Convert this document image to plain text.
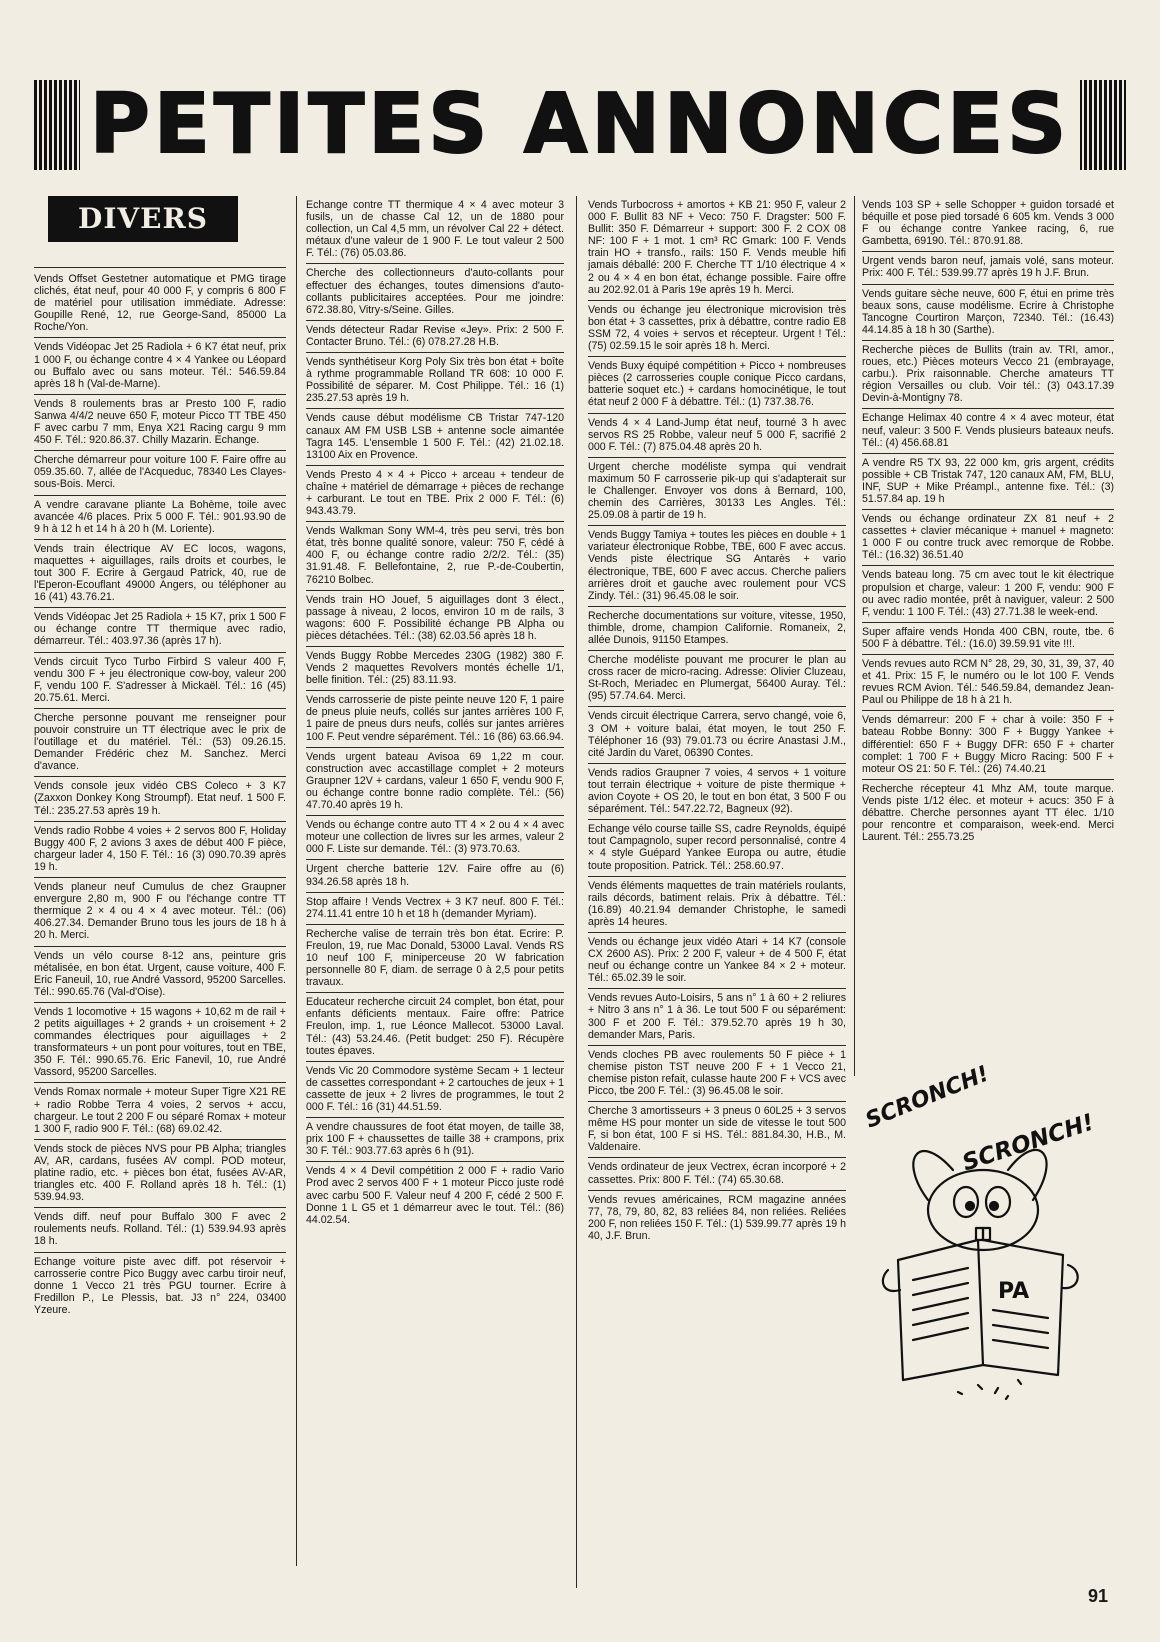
PETITES ANNONCES
DIVERS
Vends Offset Gestetner automatique et PMG tirage clichés, état neuf, pour 40 000 F, y compris 6 800 F de matériel pour utilisation immédiate. Adresse: Goupille René, 12, rue George-Sand, 85000 La Roche/Yon.
Vends Vidéopac Jet 25 Radiola + 6 K7 état neuf, prix 1 000 F, ou échange contre 4 × 4 Yankee ou Léopard ou Buffalo avec ou sans moteur. Tél.: 546.59.84 après 18 h (Val-de-Marne).
Vends 8 roulements bras ar Presto 100 F, radio Sanwa 4/4/2 neuve 650 F, moteur Picco TT TBE 450 F avec carbu 7 mm, Enya X21 Racing cargu 9 mm 450 F. Tél.: 920.86.37. Chilly Mazarin. Echange.
Cherche démarreur pour voiture 100 F. Faire offre au 059.35.60. 7, allée de l'Acqueduc, 78340 Les Clayes-sous-Bois. Merci.
A vendre caravane pliante La Bohème, toile avec avancée 4/6 places. Prix 5 000 F. Tél.: 901.93.90 de 9 h à 12 h et 14 h à 20 h (M. Loriente).
Vends train électrique AV EC locos, wagons, maquettes + aiguillages, rails droits et courbes, le tout 300 F. Ecrire à Gergaud Patrick, 40, rue de l'Eperon-Ecouflant 49000 Angers, ou téléphoner au 16 (41) 43.76.21.
Vends Vidéopac Jet 25 Radiola + 15 K7, prix 1 500 F ou échange contre TT thermique avec radio, démarreur. Tél.: 403.97.36 (après 17 h).
Vends circuit Tyco Turbo Firbird S valeur 400 F, vendu 300 F + jeu électronique cow-boy, valeur 200 F, vendu 100 F. S'adresser à Mickaël. Tél.: 16 (45) 20.75.61. Merci.
Cherche personne pouvant me renseigner pour pouvoir construire un TT électrique avec le prix de l'outillage et du matériel. Tél.: (53) 09.26.15. Demander Frédéric chez M. Sanchez. Merci d'avance.
Vends console jeux vidéo CBS Coleco + 3 K7 (Zaxxon Donkey Kong Stroumpf). Etat neuf. 1 500 F. Tél.: 235.27.53 après 19 h.
Vends radio Robbe 4 voies + 2 servos 800 F, Holiday Buggy 400 F, 2 avions 3 axes de début 400 F pièce, chargeur lader 4, 150 F. Tél.: 16 (3) 090.70.39 après 19 h.
Vends planeur neuf Cumulus de chez Graupner envergure 2,80 m, 900 F ou l'échange contre TT thermique 2 × 4 ou 4 × 4 avec moteur. Tél.: (06) 406.27.34. Demander Bruno tous les jours de 18 h à 20 h. Merci.
Vends un vélo course 8-12 ans, peinture gris métalisée, en bon état. Urgent, cause voiture, 400 F. Eric Faneuil, 10, rue André Vassord, 95200 Sarcelles. Tél.: 990.65.76 (Val-d'Oise).
Vends 1 locomotive + 15 wagons + 10,62 m de rail + 2 petits aiguillages + 2 grands + un croisement + 2 commandes électriques pour aiguillages + 2 transformateurs + un pont pour voitures, tout en TBE, 350 F. Tél.: 990.65.76. Eric Fanevil, 10, rue André Vassord, 95200 Sarcelles.
Vends Romax normale + moteur Super Tigre X21 RE + radio Robbe Terra 4 voies, 2 servos + accu, chargeur. Le tout 2 200 F ou séparé Romax + moteur 1 300 F, radio 900 F. Tél.: (68) 69.02.42.
Vends stock de pièces NVS pour PB Alpha; triangles AV, AR, cardans, fusées AV compl. POD moteur, platine radio, etc. + pièces bon état, fusées AV-AR, triangles etc. 400 F. Rolland après 18 h. Tél.: (1) 539.94.93.
Vends diff. neuf pour Buffalo 300 F avec 2 roulements neufs. Rolland. Tél.: (1) 539.94.93 après 18 h.
Echange voiture piste avec diff. pot réservoir + carrosserie contre Pico Buggy avec carbu tiroir neuf, donne 1 Vecco 21 très PGU tourner. Ecrire à Fredillon P., Le Plessis, bat. J3 n° 224, 03400 Yzeure.
Echange contre TT thermique 4 × 4 avec moteur 3 fusils, un de chasse Cal 12, un de 1880 pour collection, un Cal 4,5 mm, un révolver Cal 22 + détect. métaux d'une valeur de 1 900 F. Le tout valeur 2 500 F. Tél.: (76) 05.03.86.
Cherche des collectionneurs d'auto-collants pour effectuer des échanges, toutes dimensions d'auto-collants publicitaires acceptées. Pour me joindre: 672.38.80, Vitry-s/Seine. Gilles.
Vends détecteur Radar Revise «Jey». Prix: 2 500 F. Contacter Bruno. Tél.: (6) 078.27.28 H.B.
Vends synthétiseur Korg Poly Six très bon état + boîte à rythme programmable Rolland TR 608: 10 000 F. Possibilité de séparer. M. Cost Philippe. Tél.: 16 (1) 235.27.53 après 19 h.
Vends cause début modélisme CB Tristar 747-120 canaux AM FM USB LSB + antenne socle aimantée Tagra 145. L'ensemble 1 500 F. Tél.: (42) 21.02.18. 13100 Aix en Provence.
Vends Presto 4 × 4 + Picco + arceau + tendeur de chaîne + matériel de démarrage + pièces de rechange + carburant. Le tout en TBE. Prix 2 000 F. Tél.: (6) 943.43.79.
Vends Walkman Sony WM-4, très peu servi, très bon état, très bonne qualité sonore, valeur: 750 F, cédé à 400 F, ou échange contre radio 2/2/2. Tél.: (35) 31.91.48. F. Bellefontaine, 2, rue P.-de-Coubertin, 76210 Bolbec.
Vends train HO Jouef, 5 aiguillages dont 3 élect., passage à niveau, 2 locos, environ 10 m de rails, 3 wagons: 600 F. Possibilité échange PB Alpha ou pièces détachées. Tél.: (38) 62.03.56 après 18 h.
Vends Buggy Robbe Mercedes 230G (1982) 380 F. Vends 2 maquettes Revolvers montés échelle 1/1, belle finition. Tél.: (25) 83.11.93.
Vends carrosserie de piste peinte neuve 120 F, 1 paire de pneus pluie neufs, collés sur jantes arrières 100 F, 1 paire de pneus durs neufs, collés sur jantes arrières 100 F. Peut vendre séparément. Tél.: 16 (86) 63.66.94.
Vends urgent bateau Avisoa 69 1,22 m cour. construction avec accastillage complet + 2 moteurs Graupner 12V + cardans, valeur 1 650 F, vendu 900 F, ou échange contre bonne radio complète. Tél.: (56) 47.70.40 après 19 h.
Vends ou échange contre auto TT 4 × 2 ou 4 × 4 avec moteur une collection de livres sur les armes, valeur 2 000 F. Liste sur demande. Tél.: (3) 973.70.63.
Urgent cherche batterie 12V. Faire offre au (6) 934.26.58 après 18 h.
Stop affaire ! Vends Vectrex + 3 K7 neuf. 800 F. Tél.: 274.11.41 entre 10 h et 18 h (demander Myriam).
Recherche valise de terrain très bon état. Ecrire: P. Freulon, 19, rue Mac Donald, 53000 Laval. Vends RS 10 neuf 100 F, miniperceuse 20 W fabrication personnelle 80 F, diam. de serrage 0 à 2,5 pour petits travaux.
Educateur recherche circuit 24 complet, bon état, pour enfants déficients mentaux. Faire offre: Patrice Freulon, imp. 1, rue Léonce Mallecot. 53000 Laval. Tél.: (43) 53.24.46. (Petit budget: 250 F). Récupère toutes épaves.
Vends Vic 20 Commodore système Secam + 1 lecteur de cassettes correspondant + 2 cartouches de jeux + 1 cassette de jeux + 2 livres de programmes, le tout 2 000 F. Tél.: 16 (31) 44.51.59.
A vendre chaussures de foot état moyen, de taille 38, prix 100 F + chaussettes de taille 38 + crampons, prix 30 F. Tél.: 903.77.63 après 6 h (91).
Vends 4 × 4 Devil compétition 2 000 F + radio Vario Prod avec 2 servos 400 F + 1 moteur Picco juste rodé avec carbu 500 F. Valeur neuf 4 200 F, cédé 2 500 F. Donne 1 L G5 et 1 démarreur avec le tout. Tél.: (86) 44.02.54.
Vends Turbocross + amortos + KB 21: 950 F, valeur 2 000 F. Bullit 83 NF + Veco: 750 F. Dragster: 500 F. Bullit: 350 F. Démarreur + support: 300 F. 2 COX 08 NF: 100 F + 1 mot. 1 cm³ RC Gmark: 100 F. Vends train HO + transfo., rails: 150 F. Vends meuble hifi jamais déballé: 200 F. Cherche TT 1/10 électrique 4 × 2 ou 4 × 4 en bon état, échange possible. Faire offre au 202.92.01 à Paris 19e après 19 h. Merci.
Vends ou échange jeu électronique microvision très bon état + 3 cassettes, prix à débattre, contre radio E8 SSM 72, 4 voies + servos et récepteur. Urgent ! Tél.: (75) 02.59.15 le soir après 18 h. Merci.
Vends Buxy équipé compétition + Picco + nombreuses pièces (2 carrosseries couple conique Picco cardans, batterie soquet etc.) + cardans homocinétique, le tout état neuf 2 000 F à débattre. Tél.: (1) 737.38.76.
Vends 4 × 4 Land-Jump état neuf, tourné 3 h avec servos RS 25 Robbe, valeur neuf 5 000 F, sacrifié 2 000 F. Tél.: (7) 875.04.48 après 20 h.
Urgent cherche modéliste sympa qui vendrait maximum 50 F carrosserie pik-up qui s'adapterait sur le Challenger. Envoyer vos dons à Bernard, 100, chemin des Carrières, 30133 Les Angles. Tél.: 25.09.08 à partir de 19 h.
Vends Buggy Tamiya + toutes les pièces en double + 1 variateur électronique Robbe, TBE, 600 F avec accus. Vends piste électrique SG Antarès + vario électronique, TBE, 600 F avec accus. Cherche paliers arrières droit et gauche avec roulement pour VCS Zindy. Tél.: (31) 96.45.08 le soir.
Recherche documentations sur voiture, vitesse, 1950, thimble, drome, champion Californie. Romaneix, 2, allée Dunois, 91150 Etampes.
Cherche modéliste pouvant me procurer le plan au cross racer de micro-racing. Adresse: Olivier Cluzeau, St-Roch, Meriadec en Plumergat, 56400 Auray. Tél.: (95) 57.74.64. Merci.
Vends circuit électrique Carrera, servo changé, voie 6, 3 OM + voiture balai, état moyen, le tout 250 F. Téléphoner 16 (93) 79.01.73 ou écrire Anastasi J.M., cité Jardin du Varet, 06390 Contes.
Vends radios Graupner 7 voies, 4 servos + 1 voiture tout terrain électrique + voiture de piste thermique + avion Coyote + OS 20, le tout en bon état, 3 500 F ou séparément. Tél.: 547.22.72, Bagneux (92).
Echange vélo course taille SS, cadre Reynolds, équipé tout Campagnolo, super record personnalisé, contre 4 × 4 style Guépard Yankee Europa ou autre, étudie toute proposition. Patrick. Tél.: 258.60.97.
Vends éléments maquettes de train matériels roulants, rails décords, batiment relais. Prix à débattre. Tél.: (16.89) 40.21.94 demander Christophe, le samedi après 14 heures.
Vends ou échange jeux vidéo Atari + 14 K7 (console CX 2600 AS). Prix: 2 200 F, valeur + de 4 500 F, état neuf ou échange contre un Yankee 84 × 2 + moteur. Tél.: 65.02.39 le soir.
Vends revues Auto-Loisirs, 5 ans n° 1 à 60 + 2 reliures + Nitro 3 ans n° 1 à 36. Le tout 500 F ou séparément: 300 F et 200 F. Tél.: 379.52.70 après 19 h 30, demander Mars, Paris.
Vends cloches PB avec roulements 50 F pièce + 1 chemise piston TST neuve 200 F + 1 Vecco 21, chemise piston refait, culasse haute 200 F + VCS avec Picco, tbe 200 F. Tél.: (3) 96.45.08 le soir.
Cherche 3 amortisseurs + 3 pneus 0 60L25 + 3 servos même HS pour monter un side de vitesse le tout 500 F, si bon état, 100 F si HS. Tél.: 881.84.30, H.B., M. Valdenaire.
Vends ordinateur de jeux Vectrex, écran incorporé + 2 cassettes. Prix: 800 F. Tél.: (74) 65.30.68.
Vends revues américaines, RCM magazine années 77, 78, 79, 80, 82, 83 reliées 84, non reliées. Reliées 200 F, non reliées 150 F. Tél.: (1) 539.99.77 après 19 h 40, J.F. Brun.
Vends 103 SP + selle Schopper + guidon torsadé et béquille et pose pied torsadé 6 605 km. Vends 3 000 F ou échange contre Yankee racing, 6, rue Gambetta, 69190. Tél.: 870.91.88.
Urgent vends baron neuf, jamais volé, sans moteur. Prix: 400 F. Tél.: 539.99.77 après 19 h J.F. Brun.
Vends guitare sèche neuve, 600 F, étui en prime très beaux sons, cause modélisme. Ecrire à Christophe Tancogne Courtiron Marçon, 72340. Tél.: (16.43) 44.14.85 à 18 h 30 (Sarthe).
Recherche pièces de Bullits (train av. TRI, amor., roues, etc.) Pièces moteurs Vecco 21 (embrayage, carbu.). Prix raisonnable. Cherche amateurs TT région Versailles ou club. Voir tél.: (3) 043.17.39 Devin-à-Montigny 78.
Echange Helimax 40 contre 4 × 4 avec moteur, état neuf, valeur: 3 500 F. Vends plusieurs bateaux neufs. Tél.: (4) 456.68.81
A vendre R5 TX 93, 22 000 km, gris argent, crédits possible + CB Tristak 747, 120 canaux AM, FM, BLU, INF, SUP + Mike Préampl., antenne fixe. Tél.: (3) 51.57.84 ap. 19 h
Vends ou échange ordinateur ZX 81 neuf + 2 cassettes + clavier mécanique + manuel + magneto: 1 000 F ou contre truck avec remorque de Robbe. Tél.: (16.32) 36.51.40
Vends bateau long. 75 cm avec tout le kit électrique propulsion et charge, valeur: 1 200 F, vendu: 900 F ou avec radio montée, prêt à naviguer, valeur: 2 500 F, vendu: 1 100 F. Tél.: (43) 27.71.38 le week-end.
Super affaire vends Honda 400 CBN, route, tbe. 6 500 F à débattre. Tél.: (16.0) 39.59.91 vite !!!.
Vends revues auto RCM N° 28, 29, 30, 31, 39, 37, 40 et 41. Prix: 15 F, le numéro ou le lot 100 F. Vends revues RCM Avion. Tél.: 546.59.84, demandez Jean-Paul ou Philippe de 18 h à 21 h.
Vends démarreur: 200 F + char à voile: 350 F + bateau Robbe Bonny: 300 F + Buggy Yankee + différentiel: 650 F + Buggy DFR: 650 F + charter complet: 1 700 F + Buggy Micro Racing: 500 F + moteur OS 21: 50 F. Tél.: (26) 74.40.21
Recherche récepteur 41 Mhz AM, toute marque. Vends piste 1/12 élec. et moteur + acucs: 350 F à débattre. Cherche personnes ayant TT élec. 1/10 pour rencontre et comparaison, week-end. Merci Laurent. Tél.: 255.73.25
SCRONCH!
SCRONCH!
PA
91
